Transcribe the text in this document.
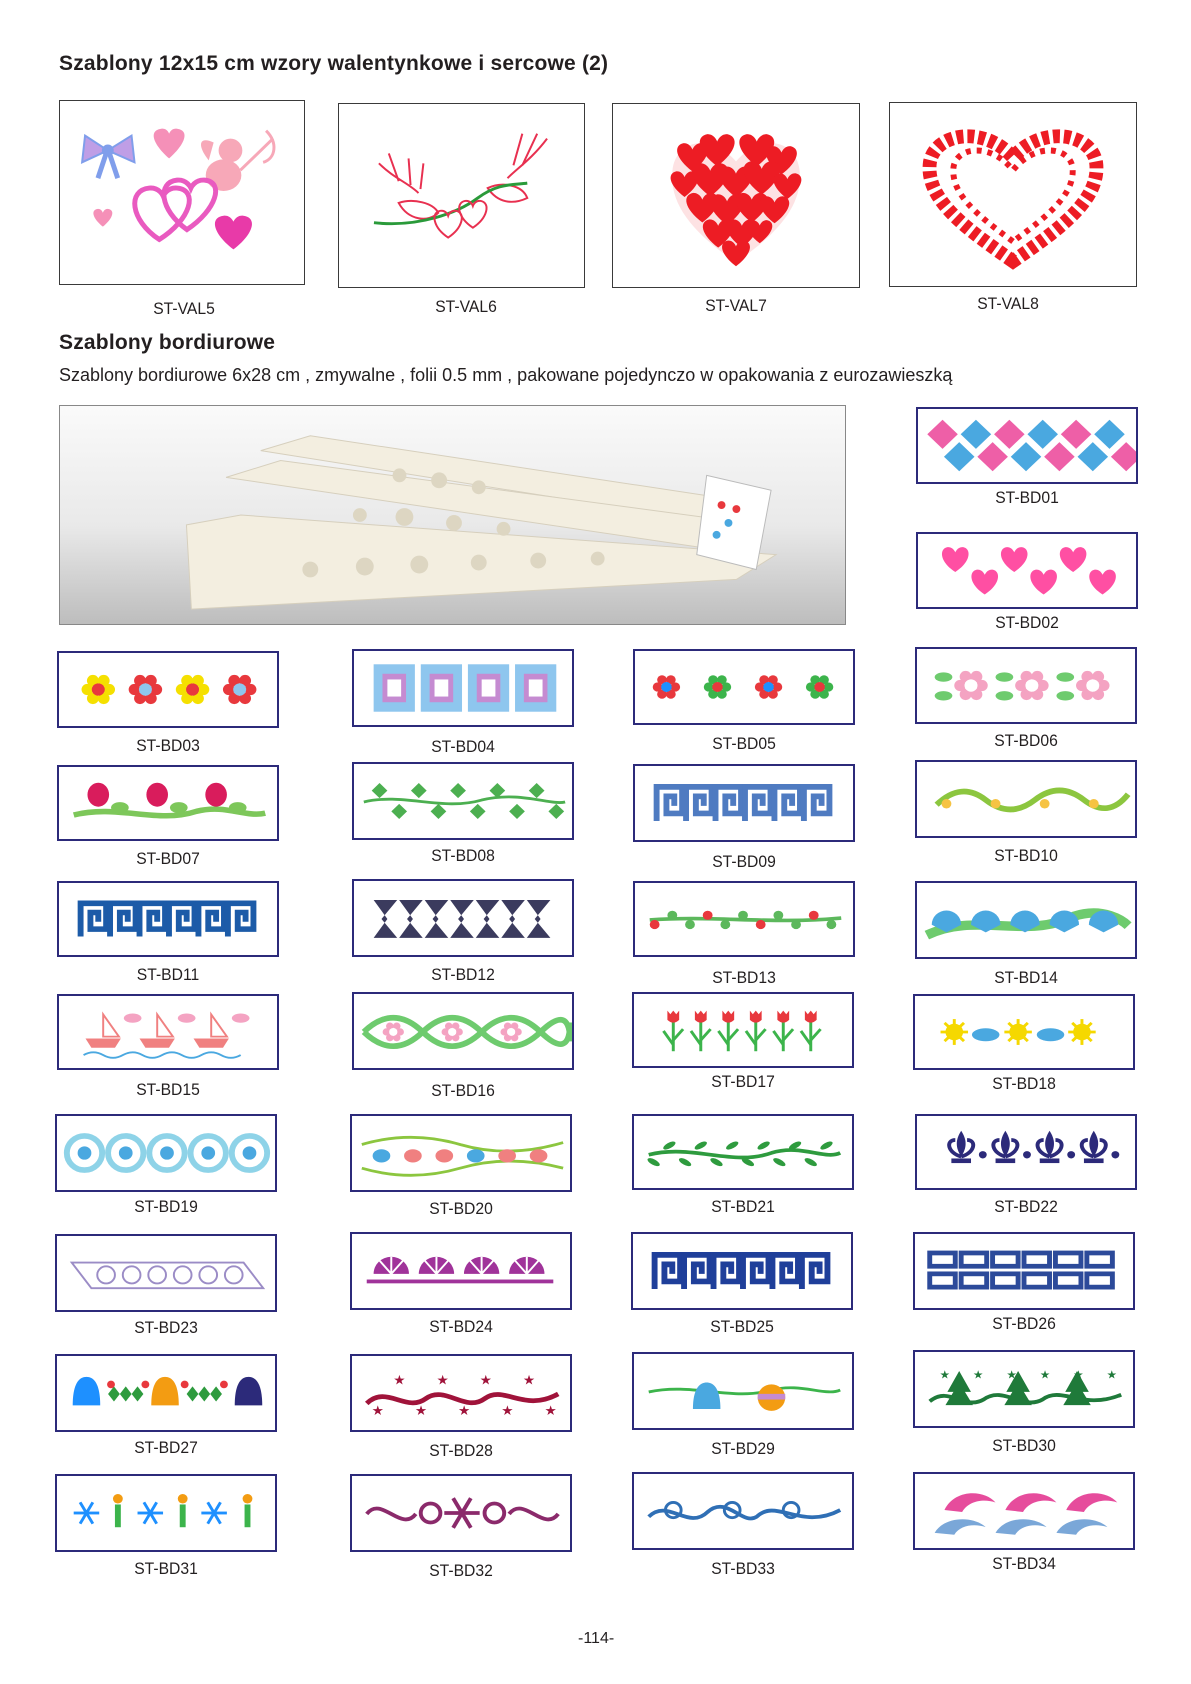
Szablony 12x15 cm wzory walentynkowe i sercowe (2)
ST-VAL5	ST-VAL6	ST-VAL7	ST-VAL8
Szablony bordiurowe
Szablony bordiurowe 6x28 cm , zmywalne , folii 0.5 mm , pakowane pojedynczo w opakowania z eurozawieszką
ST-BD01
ST-BD02
ST-BD03	ST-BD04	ST-BD05	ST-BD06
ST-BD07	ST-BD08	ST-BD09	ST-BD10
ST-BD11	ST-BD12	ST-BD13	ST-BD14
ST-BD15	ST-BD16	ST-BD17	ST-BD18
ST-BD19	ST-BD20	ST-BD21	ST-BD22
ST-BD23	ST-BD24	ST-BD25	ST-BD26
ST-BD27
★
★
★
★
★
★
★
★
★
ST-BD28	ST-BD29
★ ★ ★ ★ ★ ★
ST-BD30
ST-BD31	ST-BD32	ST-BD33	ST-BD34
-114-
